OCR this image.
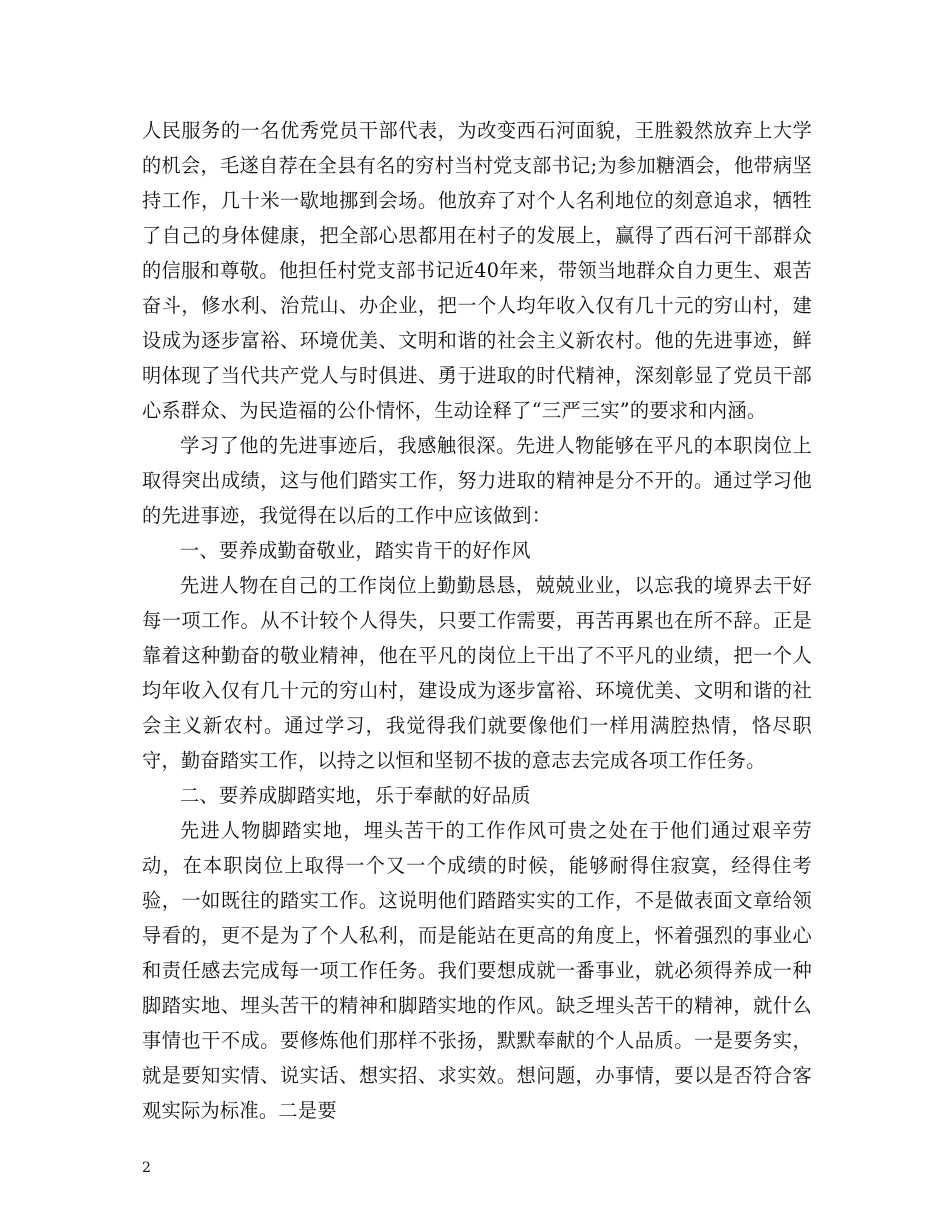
人民服务的一名优秀党员干部代表，为改变西石河面貌，王胜毅然放弃上大学的机会，毛遂自荐在全县有名的穷村当村党支部书记;为参加糖酒会，他带病坚持工作，几十米一歇地挪到会场。他放弃了对个人名利地位的刻意追求，牺牲了自己的身体健康，把全部心思都用在村子的发展上，赢得了西石河干部群众的信服和尊敬。他担任村党支部书记近40年来，带领当地群众自力更生、艰苦奋斗，修水利、治荒山、办企业，把一个人均年收入仅有几十元的穷山村，建设成为逐步富裕、环境优美、文明和谐的社会主义新农村。他的先进事迹，鲜明体现了当代共产党人与时俱进、勇于进取的时代精神，深刻彰显了党员干部心系群众、为民造福的公仆情怀，生动诠释了“三严三实”的要求和内涵。

学习了他的先进事迹后，我感触很深。先进人物能够在平凡的本职岗位上取得突出成绩，这与他们踏实工作，努力进取的精神是分不开的。通过学习他的先进事迹，我觉得在以后的工作中应该做到：

一、要养成勤奋敬业，踏实肯干的好作风

先进人物在自己的工作岗位上勤勤恳恳，兢兢业业，以忘我的境界去干好每一项工作。从不计较个人得失，只要工作需要，再苦再累也在所不辞。正是靠着这种勤奋的敬业精神，他在平凡的岗位上干出了不平凡的业绩，把一个人均年收入仅有几十元的穷山村，建设成为逐步富裕、环境优美、文明和谐的社会主义新农村。通过学习，我觉得我们就要像他们一样用满腔热情，恪尽职守，勤奋踏实工作，以持之以恒和坚韧不拔的意志去完成各项工作任务。

二、要养成脚踏实地，乐于奉献的好品质

先进人物脚踏实地，埋头苦干的工作作风可贵之处在于他们通过艰辛劳动，在本职岗位上取得一个又一个成绩的时候，能够耐得住寂寞，经得住考验，一如既往的踏实工作。这说明他们踏踏实实的工作，不是做表面文章给领导看的，更不是为了个人私利，而是能站在更高的角度上，怀着强烈的事业心和责任感去完成每一项工作任务。我们要想成就一番事业，就必须得养成一种脚踏实地、埋头苦干的精神和脚踏实地的作风。缺乏埋头苦干的精神，就什么事情也干不成。要修炼他们那样不张扬，默默奉献的个人品质。一是要务实，就是要知实情、说实话、想实招、求实效。想问题，办事情，要以是否符合客观实际为标准。二是要

2
